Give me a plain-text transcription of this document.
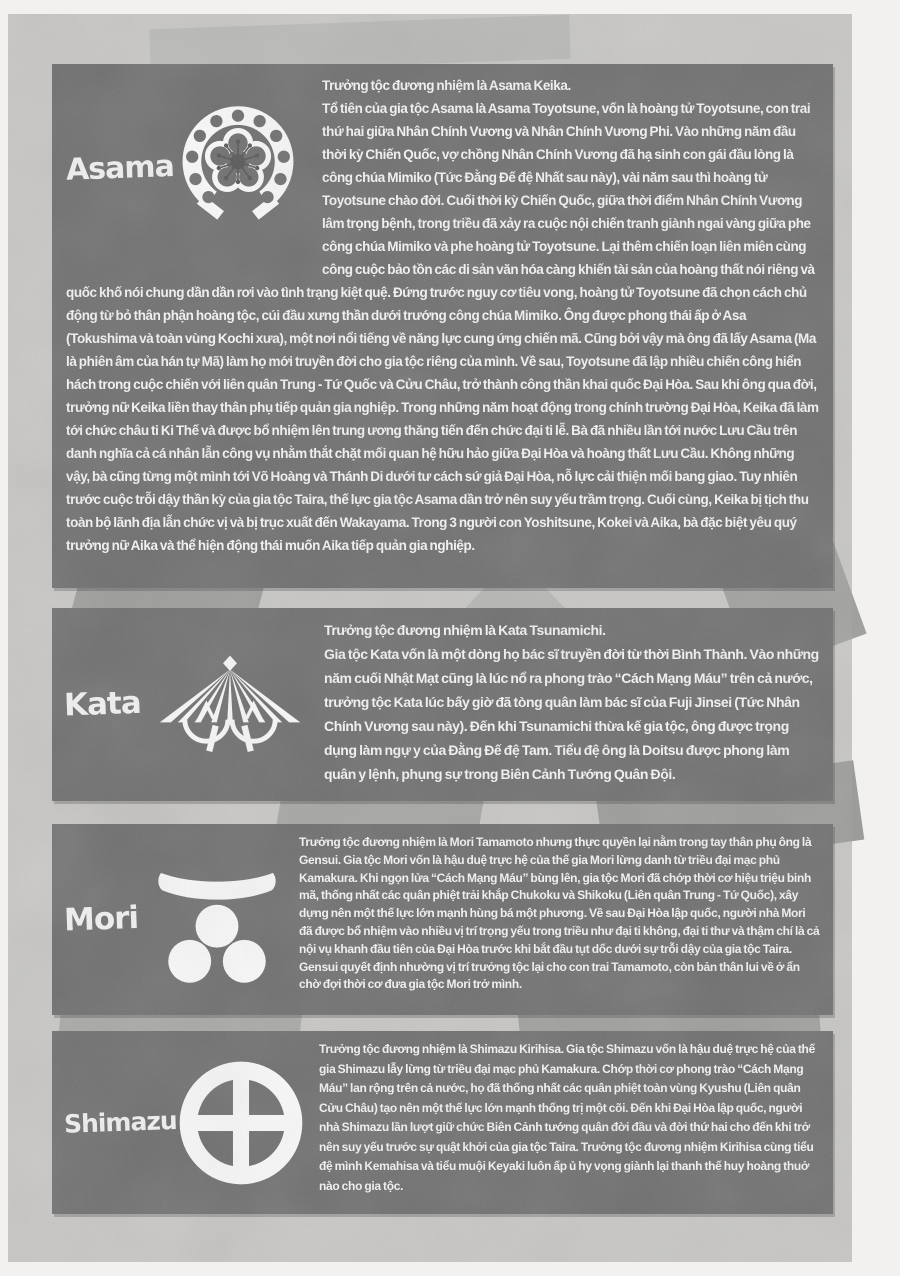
Asama

Trưởng tộc đương nhiệm là Asama Keika.

Tổ tiên của gia tộc Asama là Asama Toyotsune, vốn là hoàng tử Toyotsune, con trai thứ hai giữa Nhân Chính Vương và Nhân Chính Vương Phi. Vào những năm đầu thời kỳ Chiến Quốc, vợ chồng Nhân Chính Vương đã hạ sinh con gái đầu lòng là công chúa Mimiko (Tức Đằng Đế đệ Nhất sau này), vài năm sau thì hoàng tử Toyotsune chào đời. Cuối thời kỳ Chiến Quốc, giữa thời điểm Nhân Chính Vương lâm trọng bệnh, trong triều đã xảy ra cuộc nội chiến tranh giành ngai vàng giữa phe công chúa Mimiko và phe hoàng tử Toyotsune. Lại thêm chiến loạn liên miên cùng công cuộc bảo tồn các di sản văn hóa càng khiến tài sản của hoàng thất nói riêng và quốc khố nói chung dần dần rơi vào tình trạng kiệt quệ. Đứng trước nguy cơ tiêu vong, hoàng tử Toyotsune đã chọn cách chủ động từ bỏ thân phận hoàng tộc, cúi đầu xưng thần dưới trướng công chúa Mimiko. Ông được phong thái ấp ở Asa (Tokushima và toàn vùng Kochi xưa), một nơi nổi tiếng về năng lực cung ứng chiến mã. Cũng bởi vậy mà ông đã lấy Asama (Ma là phiên âm của hán tự Mã) làm họ mới truyền đời cho gia tộc riêng của mình. Về sau, Toyotsune đã lập nhiều chiến công hiển hách trong cuộc chiến với liên quân Trung - Tứ Quốc và Cửu Châu, trở thành công thần khai quốc Đại Hòa. Sau khi ông qua đời, trưởng nữ Keika liền thay thân phụ tiếp quản gia nghiệp. Trong những năm hoạt động trong chính trường Đại Hòa, Keika đã làm tới chức châu ti Ki Thế và được bổ nhiệm lên trung ương thăng tiến đến chức đại ti lễ. Bà đã nhiều lần tới nước Lưu Cầu trên danh nghĩa cả cá nhân lẫn công vụ nhằm thắt chặt mối quan hệ hữu hảo giữa Đại Hòa và hoàng thất Lưu Cầu. Không những vậy, bà cũng từng một mình tới Võ Hoàng và Thánh Di dưới tư cách sứ giả Đại Hòa, nỗ lực cải thiện mối bang giao. Tuy nhiên trước cuộc trỗi dậy thần kỳ của gia tộc Taira, thế lực gia tộc Asama dần trở nên suy yếu trầm trọng. Cuối cùng, Keika bị tịch thu toàn bộ lãnh địa lẫn chức vị và bị trục xuất đến Wakayama. Trong 3 người con Yoshitsune, Kokei và Aika, bà đặc biệt yêu quý trưởng nữ Aika và thể hiện động thái muốn Aika tiếp quản gia nghiệp.

Kata

Trưởng tộc đương nhiệm là Kata Tsunamichi.

Gia tộc Kata vốn là một dòng họ bác sĩ truyền đời từ thời Bình Thành. Vào những năm cuối Nhật Mạt cũng là lúc nổ ra phong trào “Cách Mạng Máu” trên cả nước, trưởng tộc Kata lúc bấy giờ đã tòng quân làm bác sĩ của Fuji Jinsei (Tức Nhân Chính Vương sau này). Đến khi Tsunamichi thừa kế gia tộc, ông được trọng dụng làm ngự y của Đằng Đế đệ Tam. Tiểu đệ ông là Doitsu được phong làm quân y lệnh, phụng sự trong Biên Cảnh Tướng Quân Đội.

Mori

Trưởng tộc đương nhiệm là Mori Tamamoto nhưng thực quyền lại nằm trong tay thân phụ ông là Gensui. Gia tộc Mori vốn là hậu duệ trực hệ của thế gia Mori lừng danh từ triều đại mạc phủ Kamakura. Khi ngọn lửa “Cách Mạng Máu” bùng lên, gia tộc Mori đã chớp thời cơ hiệu triệu binh mã, thống nhất các quân phiệt trải khắp Chukoku và Shikoku (Liên quân Trung - Tứ Quốc), xây dựng nên một thế lực lớn mạnh hùng bá một phương. Về sau Đại Hòa lập quốc, người nhà Mori đã được bổ nhiệm vào nhiều vị trí trọng yếu trong triều như đại ti không, đại ti thư và thậm chí là cả nội vụ khanh đầu tiên của Đại Hòa trước khi bắt đầu tụt dốc dưới sự trỗi dậy của gia tộc Taira. Gensui quyết định nhường vị trí trưởng tộc lại cho con trai Tamamoto, còn bản thân lui về ở ẩn chờ đợi thời cơ đưa gia tộc Mori trở mình.

Shimazu

Trưởng tộc đương nhiệm là Shimazu Kirihisa. Gia tộc Shimazu vốn là hậu duệ trực hệ của thế gia Shimazu lẫy lừng từ triều đại mạc phủ Kamakura. Chớp thời cơ phong trào “Cách Mạng Máu” lan rộng trên cả nước, họ đã thống nhất các quân phiệt toàn vùng Kyushu (Liên quân Cửu Châu) tạo nên một thế lực lớn mạnh thống trị một cõi. Đến khi Đại Hòa lập quốc, người nhà Shimazu lần lượt giữ chức Biên Cảnh tướng quân đời đầu và đời thứ hai cho đến khi trở nên suy yếu trước sự quật khởi của gia tộc Taira. Trưởng tộc đương nhiệm Kirihisa cùng tiểu đệ mình Kemahisa và tiểu muội Keyaki luôn ấp ủ hy vọng giành lại thanh thế huy hoàng thuở nào cho gia tộc.
